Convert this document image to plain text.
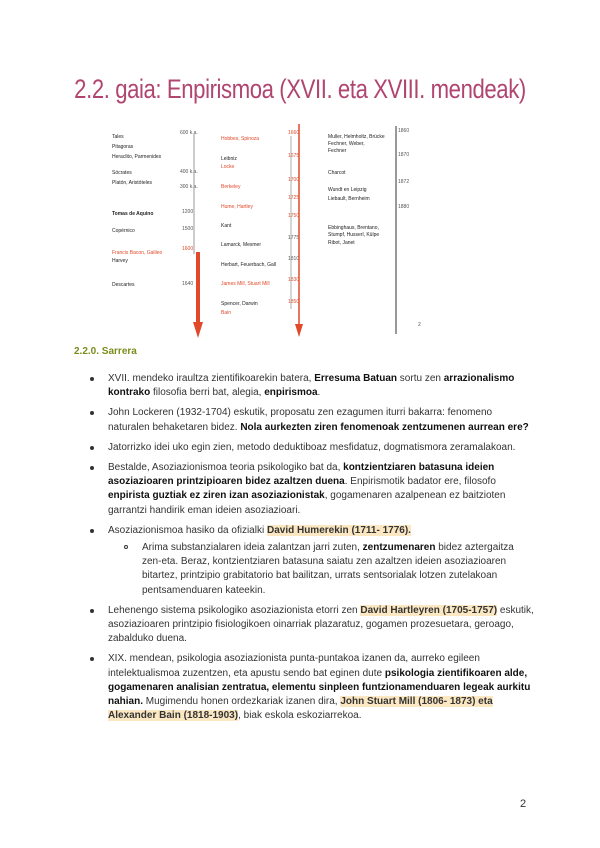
2.2. gaia: Enpirismoa (XVII. eta XVIII. mendeak)
Tales
Pitagoras
Heraclito, Parmenides
Sócrates
Platón, Aristóteles
Tomas de Aquino
Copérnico
Francis Bacon, Galileo
Harvey
Descartes
600 k.a.
400 k.a.
300 k.a.
1200
1500
1600
1640
Hobbes, Spinoza
Leibniz
Locke
Berkeley
Hume, Hartley
Kant
Lamarck, Mesmer
Herbart, Feuerbach, Gall
James Mill, Stuart Mill
Spencer, Darwin
Bain
1660
1675
1700
1725
1750
1775
1810
1830
1850
Muller, Helmholtz, Brücke
Fechner, Weber,
Fechner
Charcot
Wundt en Leipzig
Liebault, Bernheim
Ebbinghaus, Brentano,
Stumpf, Husserl, Külpe
Ribot, Janet
1860
1870
1872
1880
2
2.2.0. Sarrera
XVII. mendeko iraultza zientifikoarekin batera, Erresuma Batuan sortu zen arrazionalismo kontrako filosofia berri bat, alegia, enpirismoa.
John Lockeren (1932-1704) eskutik, proposatu zen ezagumen iturri bakarra: fenomeno naturalen behaketaren bidez. Nola aurkezten ziren fenomenoak zentzumenen aurrean ere?
Jatorrizko idei uko egin zien, metodo deduktiboaz mesfidatuz, dogmatismora zeramalakoan.
Bestalde, Asoziazionismoa teoria psikologiko bat da, kontzientziaren batasuna ideien asoziazioaren printzipioaren bidez azaltzen duena. Enpirismotik badator ere, filosofo enpirista guztiak ez ziren izan asoziazionistak, gogamenaren azalpenean ez baitzioten garrantzi handirik eman ideien asoziazioari.
Asoziazionismoa hasiko da ofizialki David Humerekin (1711- 1776).
Arima substanzialaren ideia zalantzan jarri zuten, zentzumenaren bidez aztergaitza zen-eta. Beraz, kontzientziaren batasuna saiatu zen azaltzen ideien asoziazioaren bitartez, printzipio grabitatorio bat bailitzan, urrats sentsorialak lotzen zutelakoan pentsamenduaren kateekin.
Lehenengo sistema psikologiko asoziazionista etorri zen David Hartleyren (1705-1757) eskutik, asoziazioaren printzipio fisiologikoen oinarriak plazaratuz, gogamen prozesuetara, geroago, zabalduko duena.
XIX. mendean, psikologia asoziazionista punta-puntakoa izanen da, aurreko egileen intelektualismoa zuzentzen, eta apustu sendo bat eginen dute psikologia zientifikoaren alde, gogamenaren analisian zentratua, elementu sinpleen funtzionamenduaren legeak aurkitu nahian. Mugimendu honen ordezkariak izanen dira, John Stuart Mill (1806- 1873) eta Alexander Bain (1818-1903), biak eskola eskoziarrekoa.
2
